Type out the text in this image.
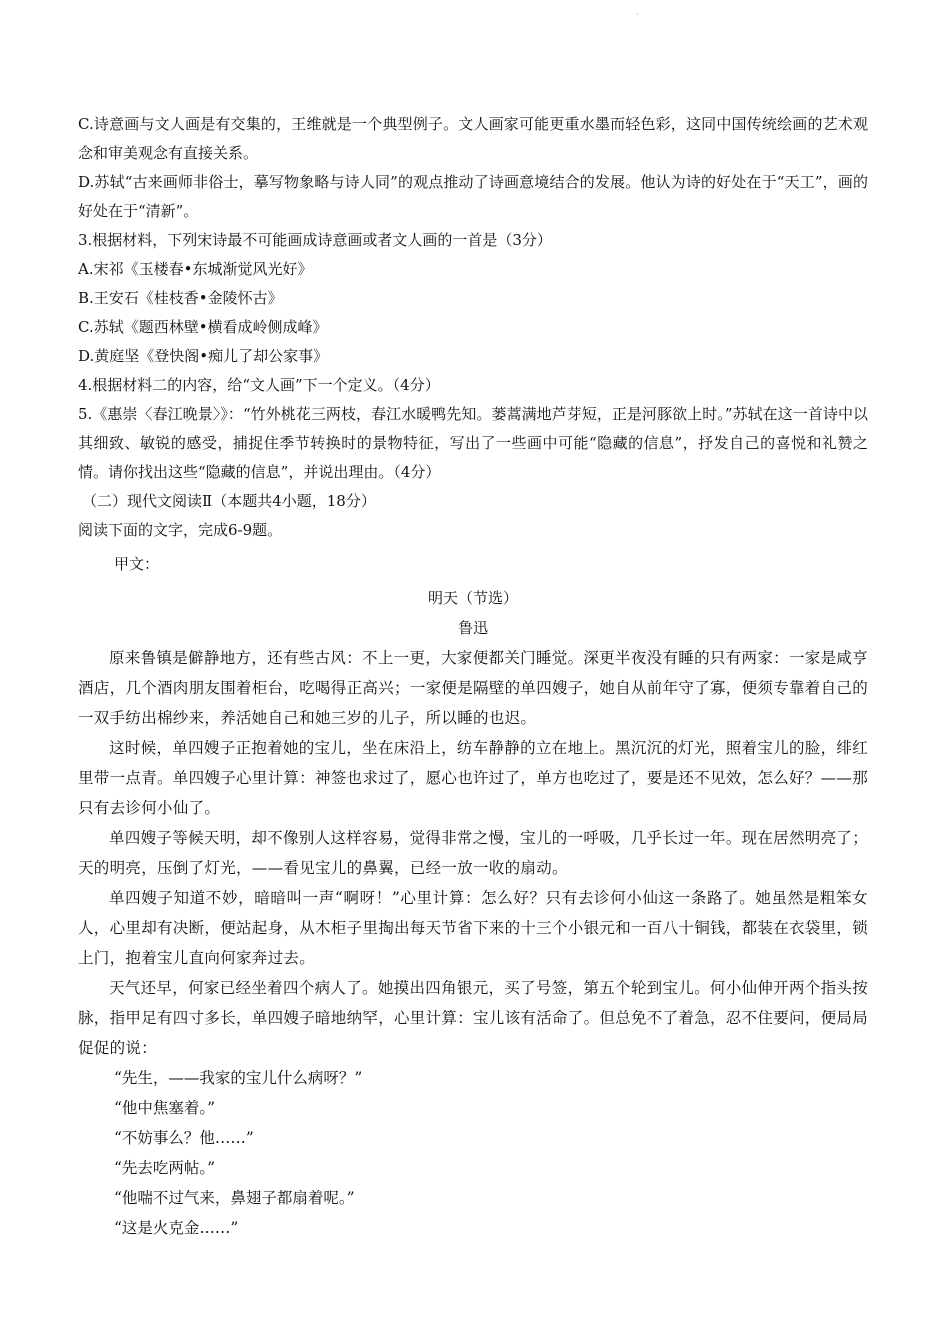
·

C.诗意画与文人画是有交集的，王维就是一个典型例子。文人画家可能更重水墨而轻色彩，这同中国传统绘画的艺术观念和审美观念有直接关系。

D.苏轼“古来画师非俗士，摹写物象略与诗人同”的观点推动了诗画意境结合的发展。他认为诗的好处在于“天工”，画的好处在于“清新”。

3.根据材料，下列宋诗最不可能画成诗意画或者文人画的一首是（3分）

A.宋祁《玉楼春•东城渐觉风光好》

B.王安石《桂枝香•金陵怀古》

C.苏轼《题西林壁•横看成岭侧成峰》

D.黄庭坚《登快阁•痴儿了却公家事》

4.根据材料二的内容，给“文人画”下一个定义。（4分）

5.《惠崇〈春江晚景〉》：“竹外桃花三两枝，春江水暖鸭先知。蒌蒿满地芦芽短，正是河豚欲上时。”苏轼在这一首诗中以其细致、敏锐的感受，捕捉住季节转换时的景物特征，写出了一些画中可能“隐藏的信息”，抒发自己的喜悦和礼赞之情。请你找出这些“隐藏的信息”，并说出理由。（4分）

（二）现代文阅读Ⅱ（本题共4小题，18分）

阅读下面的文字，完成6-9题。

甲文：

明天（节选）

鲁迅

原来鲁镇是僻静地方，还有些古风：不上一更，大家便都关门睡觉。深更半夜没有睡的只有两家：一家是咸亨酒店，几个酒肉朋友围着柜台，吃喝得正高兴；一家便是隔壁的单四嫂子，她自从前年守了寡，便须专靠着自己的一双手纺出棉纱来，养活她自己和她三岁的儿子，所以睡的也迟。

这时候，单四嫂子正抱着她的宝儿，坐在床沿上，纺车静静的立在地上。黑沉沉的灯光，照着宝儿的脸，绯红里带一点青。单四嫂子心里计算：神签也求过了，愿心也许过了，单方也吃过了，要是还不见效，怎么好？——那只有去诊何小仙了。

单四嫂子等候天明，却不像别人这样容易，觉得非常之慢，宝儿的一呼吸，几乎长过一年。现在居然明亮了；天的明亮，压倒了灯光，——看见宝儿的鼻翼，已经一放一收的扇动。

单四嫂子知道不妙，暗暗叫一声“啊呀！”心里计算：怎么好？只有去诊何小仙这一条路了。她虽然是粗笨女人，心里却有决断，便站起身，从木柜子里掏出每天节省下来的十三个小银元和一百八十铜钱，都装在衣袋里，锁上门，抱着宝儿直向何家奔过去。

天气还早，何家已经坐着四个病人了。她摸出四角银元，买了号签，第五个轮到宝儿。何小仙伸开两个指头按脉，指甲足有四寸多长，单四嫂子暗地纳罕，心里计算：宝儿该有活命了。但总免不了着急，忍不住要问，便局局促促的说：

“先生，——我家的宝儿什么病呀？”

“他中焦塞着。”

“不妨事么？他……”

“先去吃两帖。”

“他喘不过气来，鼻翅子都扇着呢。”

“这是火克金……”
